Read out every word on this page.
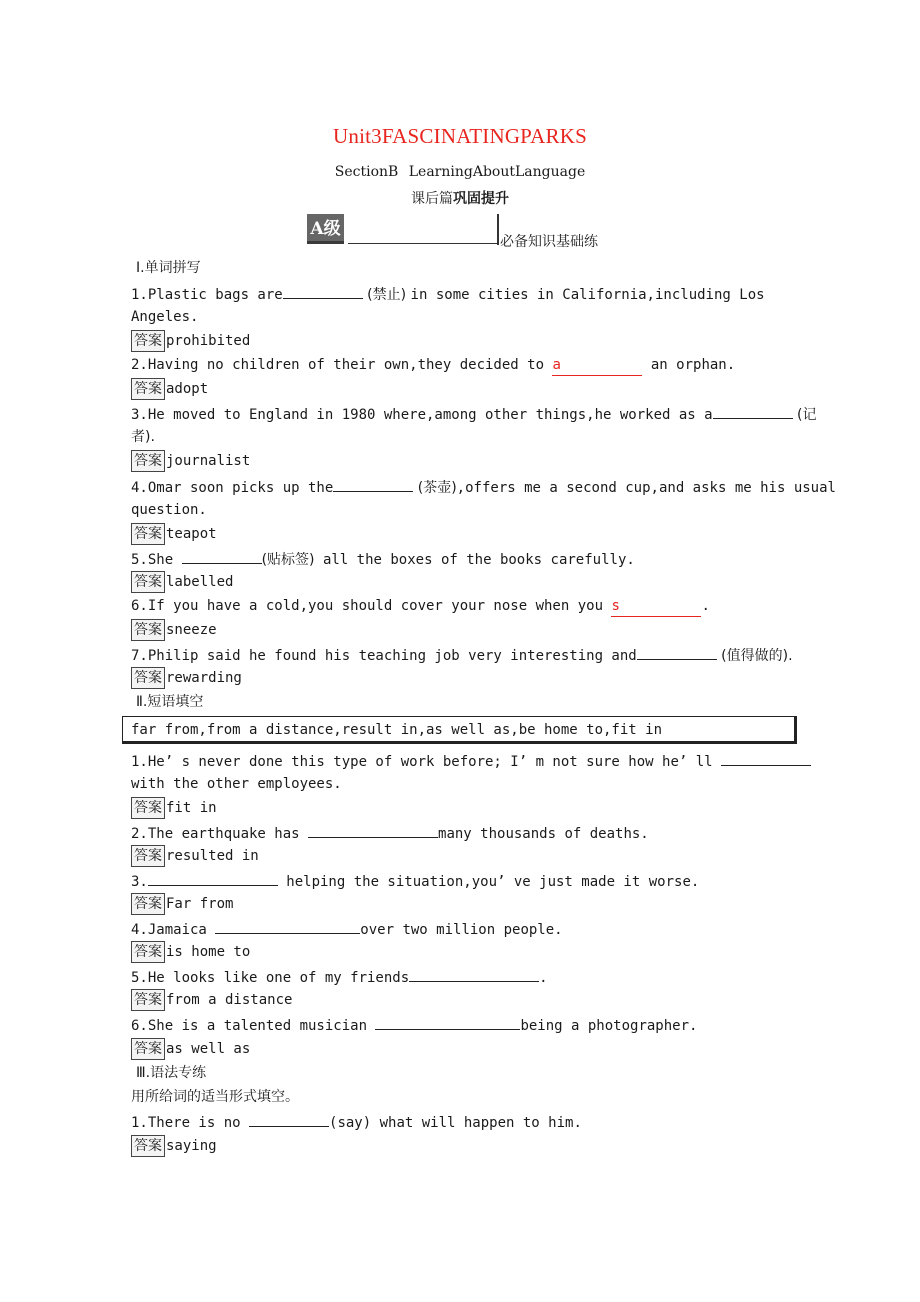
Unit3FASCINATINGPARKS
SectionB LearningAboutLanguage
课后篇巩固提升
A级
必备知识基础练
Ⅰ.单词拼写
1.Plastic bags are	(禁止) in some cities in California,including Los
Angeles.
答案 prohibited
2.Having no children of their own,they decided to a	an orphan.
答案 adopt
3.He moved to England in 1980 where,among other things,he worked as a	(记
者).
答案 journalist
4.Omar soon picks up the	(茶壶),offers me a second cup,and asks me his usual
question.
答案 teapot
5.She	(贴标签) all the boxes of the books carefully.
答案 labelled
6.If you have a cold,you should cover your nose when you s	.
答案 sneeze
7.Philip said he found his teaching job very interesting and	(值得做的).
答案 rewarding
Ⅱ.短语填空
far from,from a distance,result in,as well as,be home to,fit in
1.He’ s never done this type of work before; I’ m not sure how he’ ll
with the other employees.
答案 fit in
2.The earthquake has	many thousands of deaths.
答案 resulted in
3.	helping the situation,you’ ve just made it worse.
答案 Far from
4.Jamaica	over two million people.
答案 is home to
5.He looks like one of my friends	.
答案 from a distance
6.She is a talented musician	being a photographer.
答案 as well as
Ⅲ.语法专练
用所给词的适当形式填空。
1.There is no	(say) what will happen to him.
答案 saying
